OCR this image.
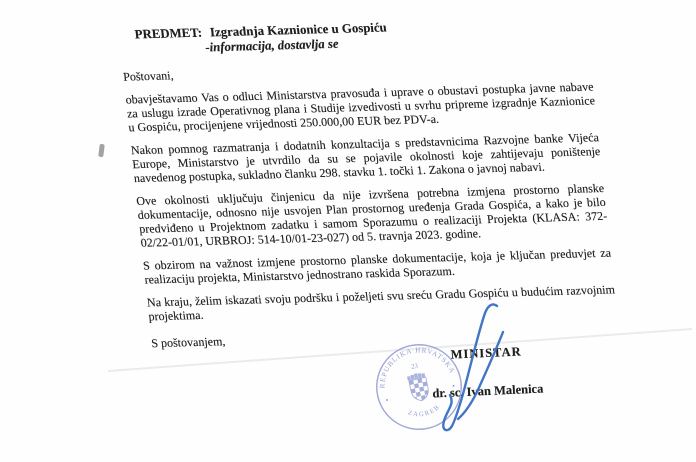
PREDMET: Izgradnja Kaznionice u Gospiću
-informacija, dostavlja se
Poštovani,

obavještavamo Vas o odluci Ministarstva pravosuđa i uprave o obustavi postupka javne nabave za uslugu izrade Operativnog plana i Studije izvedivosti u svrhu pripreme izgradnje Kaznionice u Gospiću, procijenjene vrijednosti 250.000,00 EUR bez PDV-a.

Nakon pomnog razmatranja i dodatnih konzultacija s predstavnicima Razvojne banke Vijeća Europe, Ministarstvo je utvrdilo da su se pojavile okolnosti koje zahtijevaju poništenje navedenog postupka, sukladno članku 298. stavku 1. točki 1. Zakona o javnoj nabavi.

Ove okolnosti uključuju činjenicu da nije izvršena potrebna izmjena prostorno planske dokumentacije, odnosno nije usvojen Plan prostornog uređenja Grada Gospića, a kako je bilo predviđeno u Projektnom zadatku i samom Sporazumu o realizaciji Projekta (KLASA: 372-02/22-01/01, URBROJ: 514-10/01-23-027) od 5. travnja 2023. godine.

S obzirom na važnost izmjene prostorno planske dokumentacije, koja je ključan preduvjet za realizaciju projekta, Ministarstvo jednostrano raskida Sporazum.

Na kraju, želim iskazati svoju podršku i poželjeti svu sreću Gradu Gospiću u budućim razvojnim projektima.

S poštovanjem,
REPUBLIKA HRVATSKA
23
ZAGREB
MINISTAR
dr. sc. Ivan Malenica
